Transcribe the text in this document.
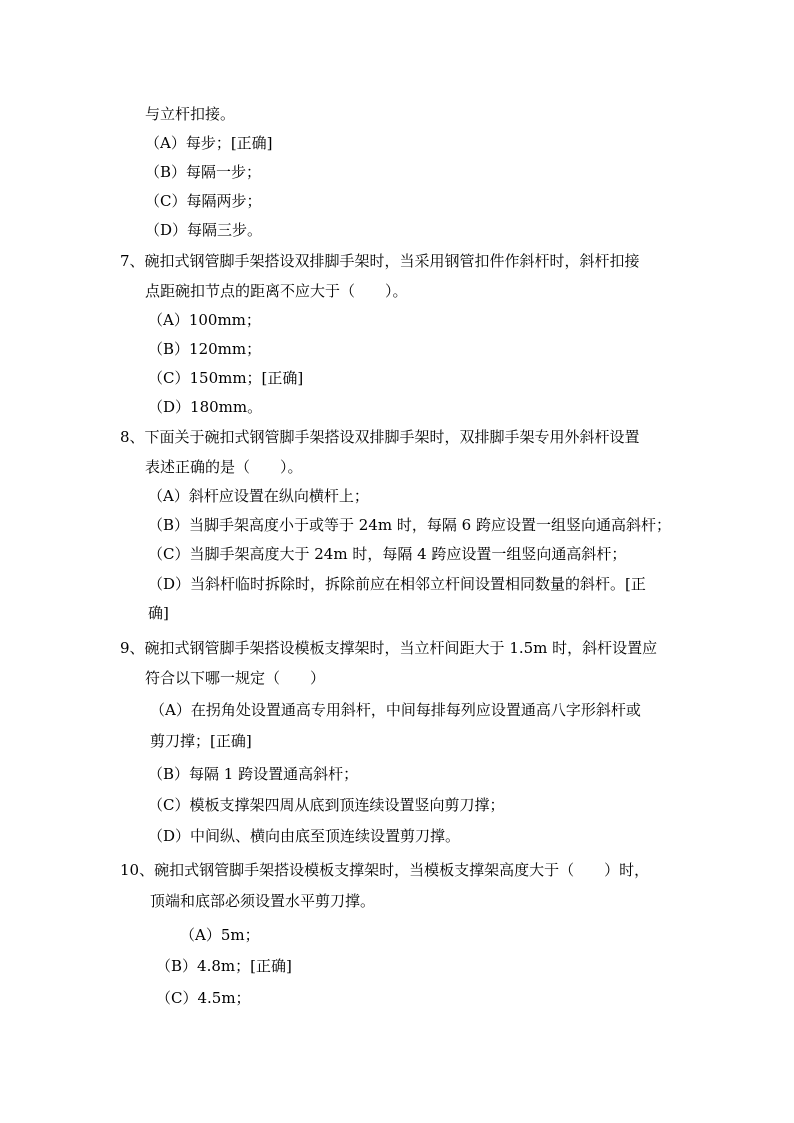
与立杆扣接。
（A）每步；[正确]
（B）每隔一步；
（C）每隔两步；
（D）每隔三步。
7、碗扣式钢管脚手架搭设双排脚手架时，当采用钢管扣件作斜杆时，斜杆扣接
点距碗扣节点的距离不应大于（　　）。
（A）100mm；
（B）120mm；
（C）150mm；[正确]
（D）180mm。
8、下面关于碗扣式钢管脚手架搭设双排脚手架时，双排脚手架专用外斜杆设置
表述正确的是（　　）。
（A）斜杆应设置在纵向横杆上；
（B）当脚手架高度小于或等于 24m 时，每隔 6 跨应设置一组竖向通高斜杆；
（C）当脚手架高度大于 24m 时，每隔 4 跨应设置一组竖向通高斜杆；
（D）当斜杆临时拆除时，拆除前应在相邻立杆间设置相同数量的斜杆。[正
确]
9、碗扣式钢管脚手架搭设模板支撑架时，当立杆间距大于 1.5m 时，斜杆设置应
符合以下哪一规定（　　）
（A）在拐角处设置通高专用斜杆，中间每排每列应设置通高八字形斜杆或
剪刀撑；[正确]
（B）每隔 1 跨设置通高斜杆；
（C）模板支撑架四周从底到顶连续设置竖向剪刀撑；
（D）中间纵、横向由底至顶连续设置剪刀撑。
10、碗扣式钢管脚手架搭设模板支撑架时，当模板支撑架高度大于（　　）时，
顶端和底部必须设置水平剪刀撑。
（A）5m；
（B）4.8m；[正确]
（C）4.5m；
